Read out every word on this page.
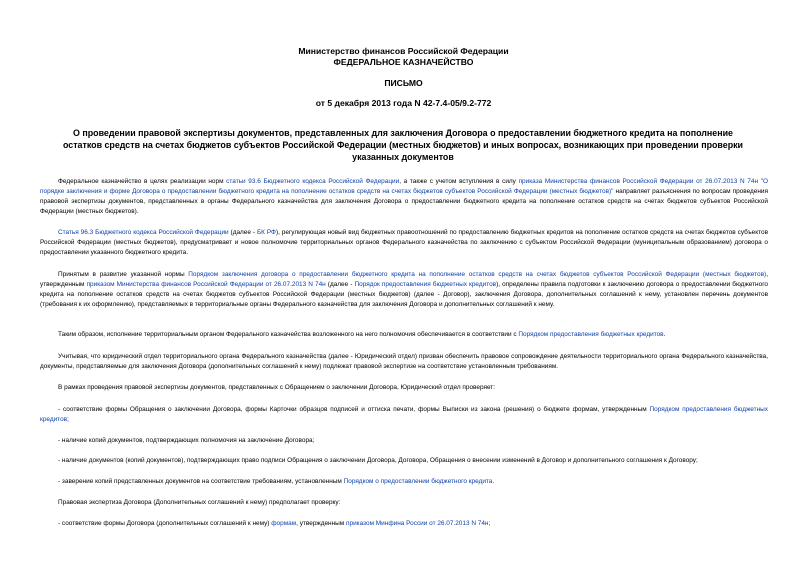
Министерство финансов Российской Федерации
ФЕДЕРАЛЬНОЕ КАЗНАЧЕЙСТВО
ПИСЬМО
от 5 декабря 2013 года N 42-7.4-05/9.2-772
О проведении правовой экспертизы документов, представленных для заключения Договора о предоставлении бюджетного кредита на пополнение остатков средств на счетах бюджетов субъектов Российской Федерации (местных бюджетов) и иных вопросах, возникающих при проведении проверки указанных документов
Федеральное казначейство в целях реализации норм статьи 93.6 Бюджетного кодекса Российской Федерации, а также с учетом вступления в силу приказа Министерства финансов Российской Федерации от 26.07.2013 N 74н "О порядке заключения и форме Договора о предоставлении бюджетного кредита на пополнение остатков средств на счетах бюджетов субъектов Российской Федерации (местных бюджетов)" направляет разъяснения по вопросам проведения правовой экспертизы документов, представленных в органы Федерального казначейства для заключения Договора о предоставлении бюджетного кредита на пополнение остатков средств на счетах бюджетов субъектов Российской Федерации (местных бюджетов).
Статья 96.3 Бюджетного кодекса Российской Федерации (далее - БК РФ), регулирующая новый вид бюджетных правоотношений по предоставлению бюджетных кредитов на пополнение остатков средств на счетах бюджетов субъектов Российской Федерации (местных бюджетов), предусматривает и новое полномочие территориальных органов Федерального казначейства по заключению с субъектом Российской Федерации (муниципальным образованием) договора о предоставлении указанного бюджетного кредита.
Принятым в развитие указанной нормы Порядком заключения договора о предоставлении бюджетного кредита на пополнение остатков средств на счетах бюджетов субъектов Российской Федерации (местных бюджетов), утвержденным приказом Министерства финансов Российской Федерации от 26.07.2013 N 74н (далее - Порядок предоставления бюджетных кредитов), определены правила подготовки к заключению договора о предоставлении бюджетного кредита на пополнение остатков средств на счетах бюджетов субъектов Российской Федерации (местных бюджетов) (далее - Договор), заключения Договора, дополнительных соглашений к нему, установлен перечень документов (требования к их оформлению), представляемых в территориальные органы Федерального казначейства для заключения Договора и дополнительных соглашений к нему.
Таким образом, исполнение территориальным органом Федерального казначейства возложенного на него полномочия обеспечивается в соответствии с Порядком предоставления бюджетных кредитов.
Учитывая, что юридический отдел территориального органа Федерального казначейства (далее - Юридический отдел) призван обеспечить правовое сопровождение деятельности территориального органа Федерального казначейства, документы, представляемые для заключения Договора (дополнительных соглашений к нему) подлежат правовой экспертизе на соответствие установленным требованиям.
В рамках проведения правовой экспертизы документов, представленных с Обращением о заключении Договора, Юридический отдел проверяет:
- соответствие формы Обращения о заключении Договора, формы Карточки образцов подписей и оттиска печати, формы Выписки из закона (решения) о бюджете формам, утвержденным Порядком предоставления бюджетных кредитов;
- наличие копий документов, подтверждающих полномочия на заключение Договора;
- наличие документов (копий документов), подтверждающих право подписи Обращения о заключении Договора, Договора, Обращения о внесении изменений в Договор и дополнительного соглашения к Договору;
- заверение копий представленных документов на соответствие требованиям, установленным Порядком о предоставлении бюджетного кредита.
Правовая экспертиза Договора (Дополнительных соглашений к нему) предполагает проверку:
- соответствие формы Договора (дополнительных соглашений к нему) формам, утвержденным приказом Минфина России от 26.07.2013 N 74н;
